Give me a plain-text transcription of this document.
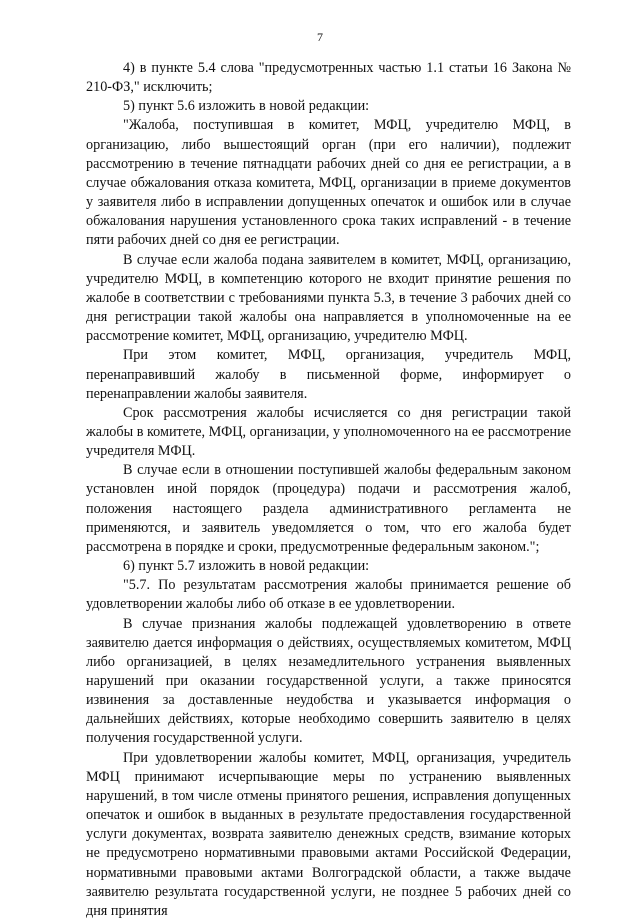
7

4) в пункте 5.4 слова "предусмотренных частью 1.1 статьи 16 Закона № 210-ФЗ," исключить;

5) пункт 5.6 изложить в новой редакции:

"Жалоба, поступившая в комитет, МФЦ, учредителю МФЦ, в организацию, либо вышестоящий орган (при его наличии), подлежит рассмотрению в течение пятнадцати рабочих дней со дня ее регистрации, а в случае обжалования отказа комитета, МФЦ, организации в приеме документов у заявителя либо в исправлении допущенных опечаток и ошибок или в случае обжалования нарушения установленного срока таких исправлений - в течение пяти рабочих дней со дня ее регистрации.

В случае если жалоба подана заявителем в комитет, МФЦ, организацию, учредителю МФЦ, в компетенцию которого не входит принятие решения по жалобе в соответствии с требованиями пункта 5.3, в течение 3 рабочих дней со дня регистрации такой жалобы она направляется в уполномоченные на ее рассмотрение комитет, МФЦ, организацию, учредителю МФЦ.

При этом комитет, МФЦ, организация, учредитель МФЦ, перенаправивший жалобу в письменной форме, информирует о перенаправлении жалобы заявителя.

Срок рассмотрения жалобы исчисляется со дня регистрации такой жалобы в комитете, МФЦ, организации, у уполномоченного на ее рассмотрение учредителя МФЦ.

В случае если в отношении поступившей жалобы федеральным законом установлен иной порядок (процедура) подачи и рассмотрения жалоб, положения настоящего раздела административного регламента не применяются, и заявитель уведомляется о том, что его жалоба будет рассмотрена в порядке и сроки, предусмотренные федеральным законом.";

6) пункт 5.7 изложить в новой редакции:

"5.7. По результатам рассмотрения жалобы принимается решение об удовлетворении жалобы либо об отказе в ее удовлетворении.

В случае признания жалобы подлежащей удовлетворению в ответе заявителю дается информация о действиях, осуществляемых комитетом, МФЦ либо организацией, в целях незамедлительного устранения выявленных нарушений при оказании государственной услуги, а также приносятся извинения за доставленные неудобства и указывается информация о дальнейших действиях, которые необходимо совершить заявителю в целях получения государственной услуги.

При удовлетворении жалобы комитет, МФЦ, организация, учредитель МФЦ принимают исчерпывающие меры по устранению выявленных нарушений, в том числе отмены принятого решения, исправления допущенных опечаток и ошибок в выданных в результате предоставления государственной услуги документах, возврата заявителю денежных средств, взимание которых не предусмотрено нормативными правовыми актами Российской Федерации, нормативными правовыми актами Волгоградской области, а также выдаче заявителю результата государственной услуги, не позднее 5 рабочих дней со дня принятия
